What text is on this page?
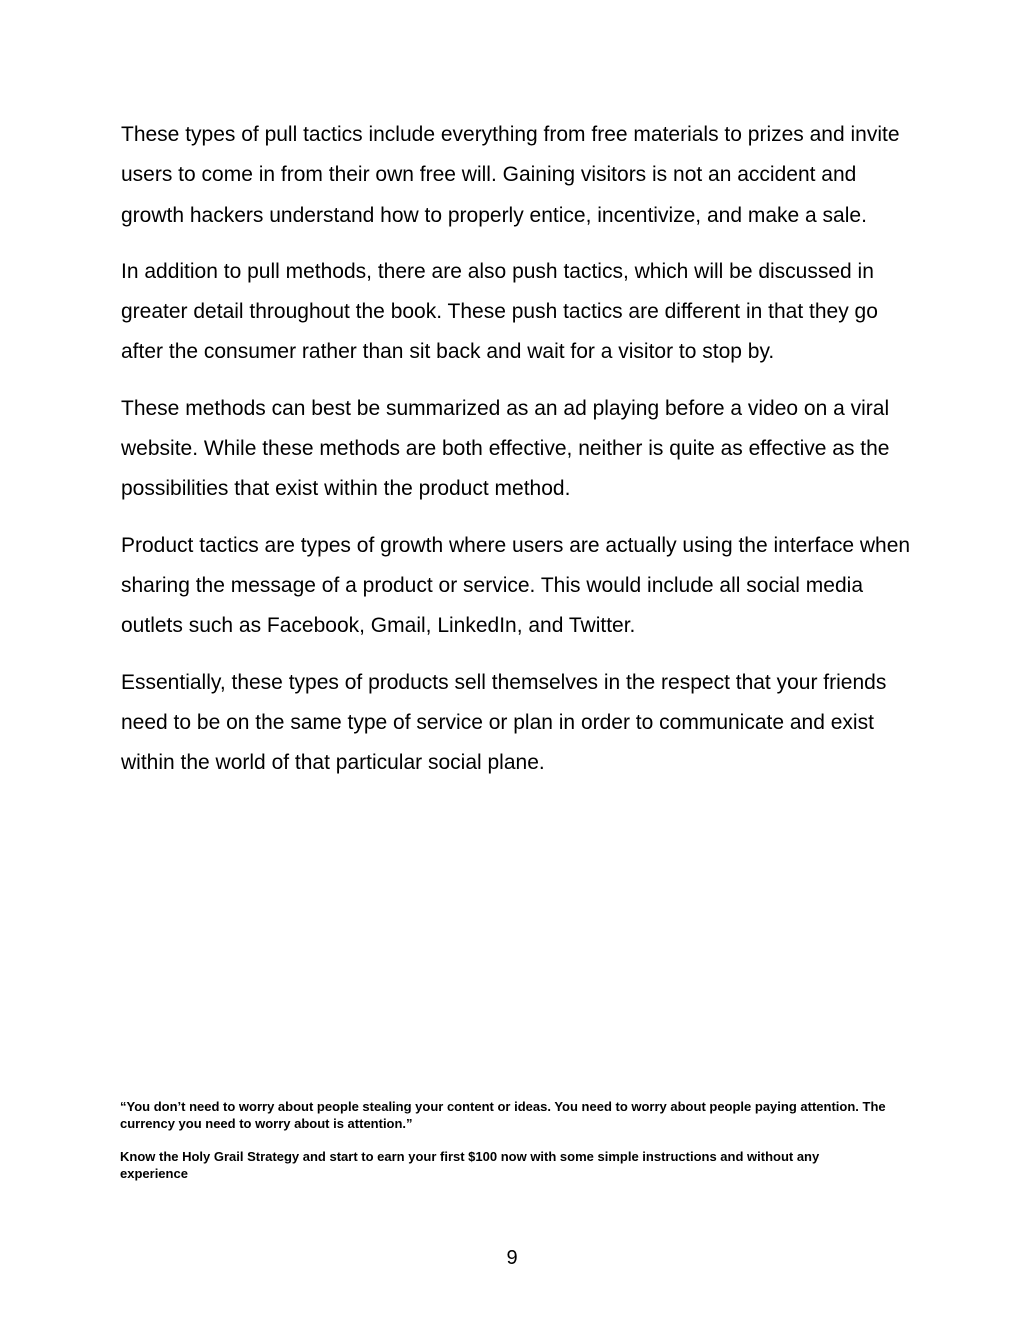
These types of pull tactics include everything from free materials to prizes and invite users to come in from their own free will. Gaining visitors is not an accident and growth hackers understand how to properly entice, incentivize, and make a sale.

In addition to pull methods, there are also push tactics, which will be discussed in greater detail throughout the book. These push tactics are different in that they go after the consumer rather than sit back and wait for a visitor to stop by.

These methods can best be summarized as an ad playing before a video on a viral website. While these methods are both effective, neither is quite as effective as the possibilities that exist within the product method.

Product tactics are types of growth where users are actually using the interface when sharing the message of a product or service. This would include all social media outlets such as Facebook, Gmail, LinkedIn, and Twitter.

Essentially, these types of products sell themselves in the respect that your friends need to be on the same type of service or plan in order to communicate and exist within the world of that particular social plane.

“You don’t need to worry about people stealing your content or ideas. You need to worry about people paying attention. The currency you need to worry about is attention.”

Know the Holy Grail Strategy and start to earn your first $100 now with some simple instructions and without any experience

9
